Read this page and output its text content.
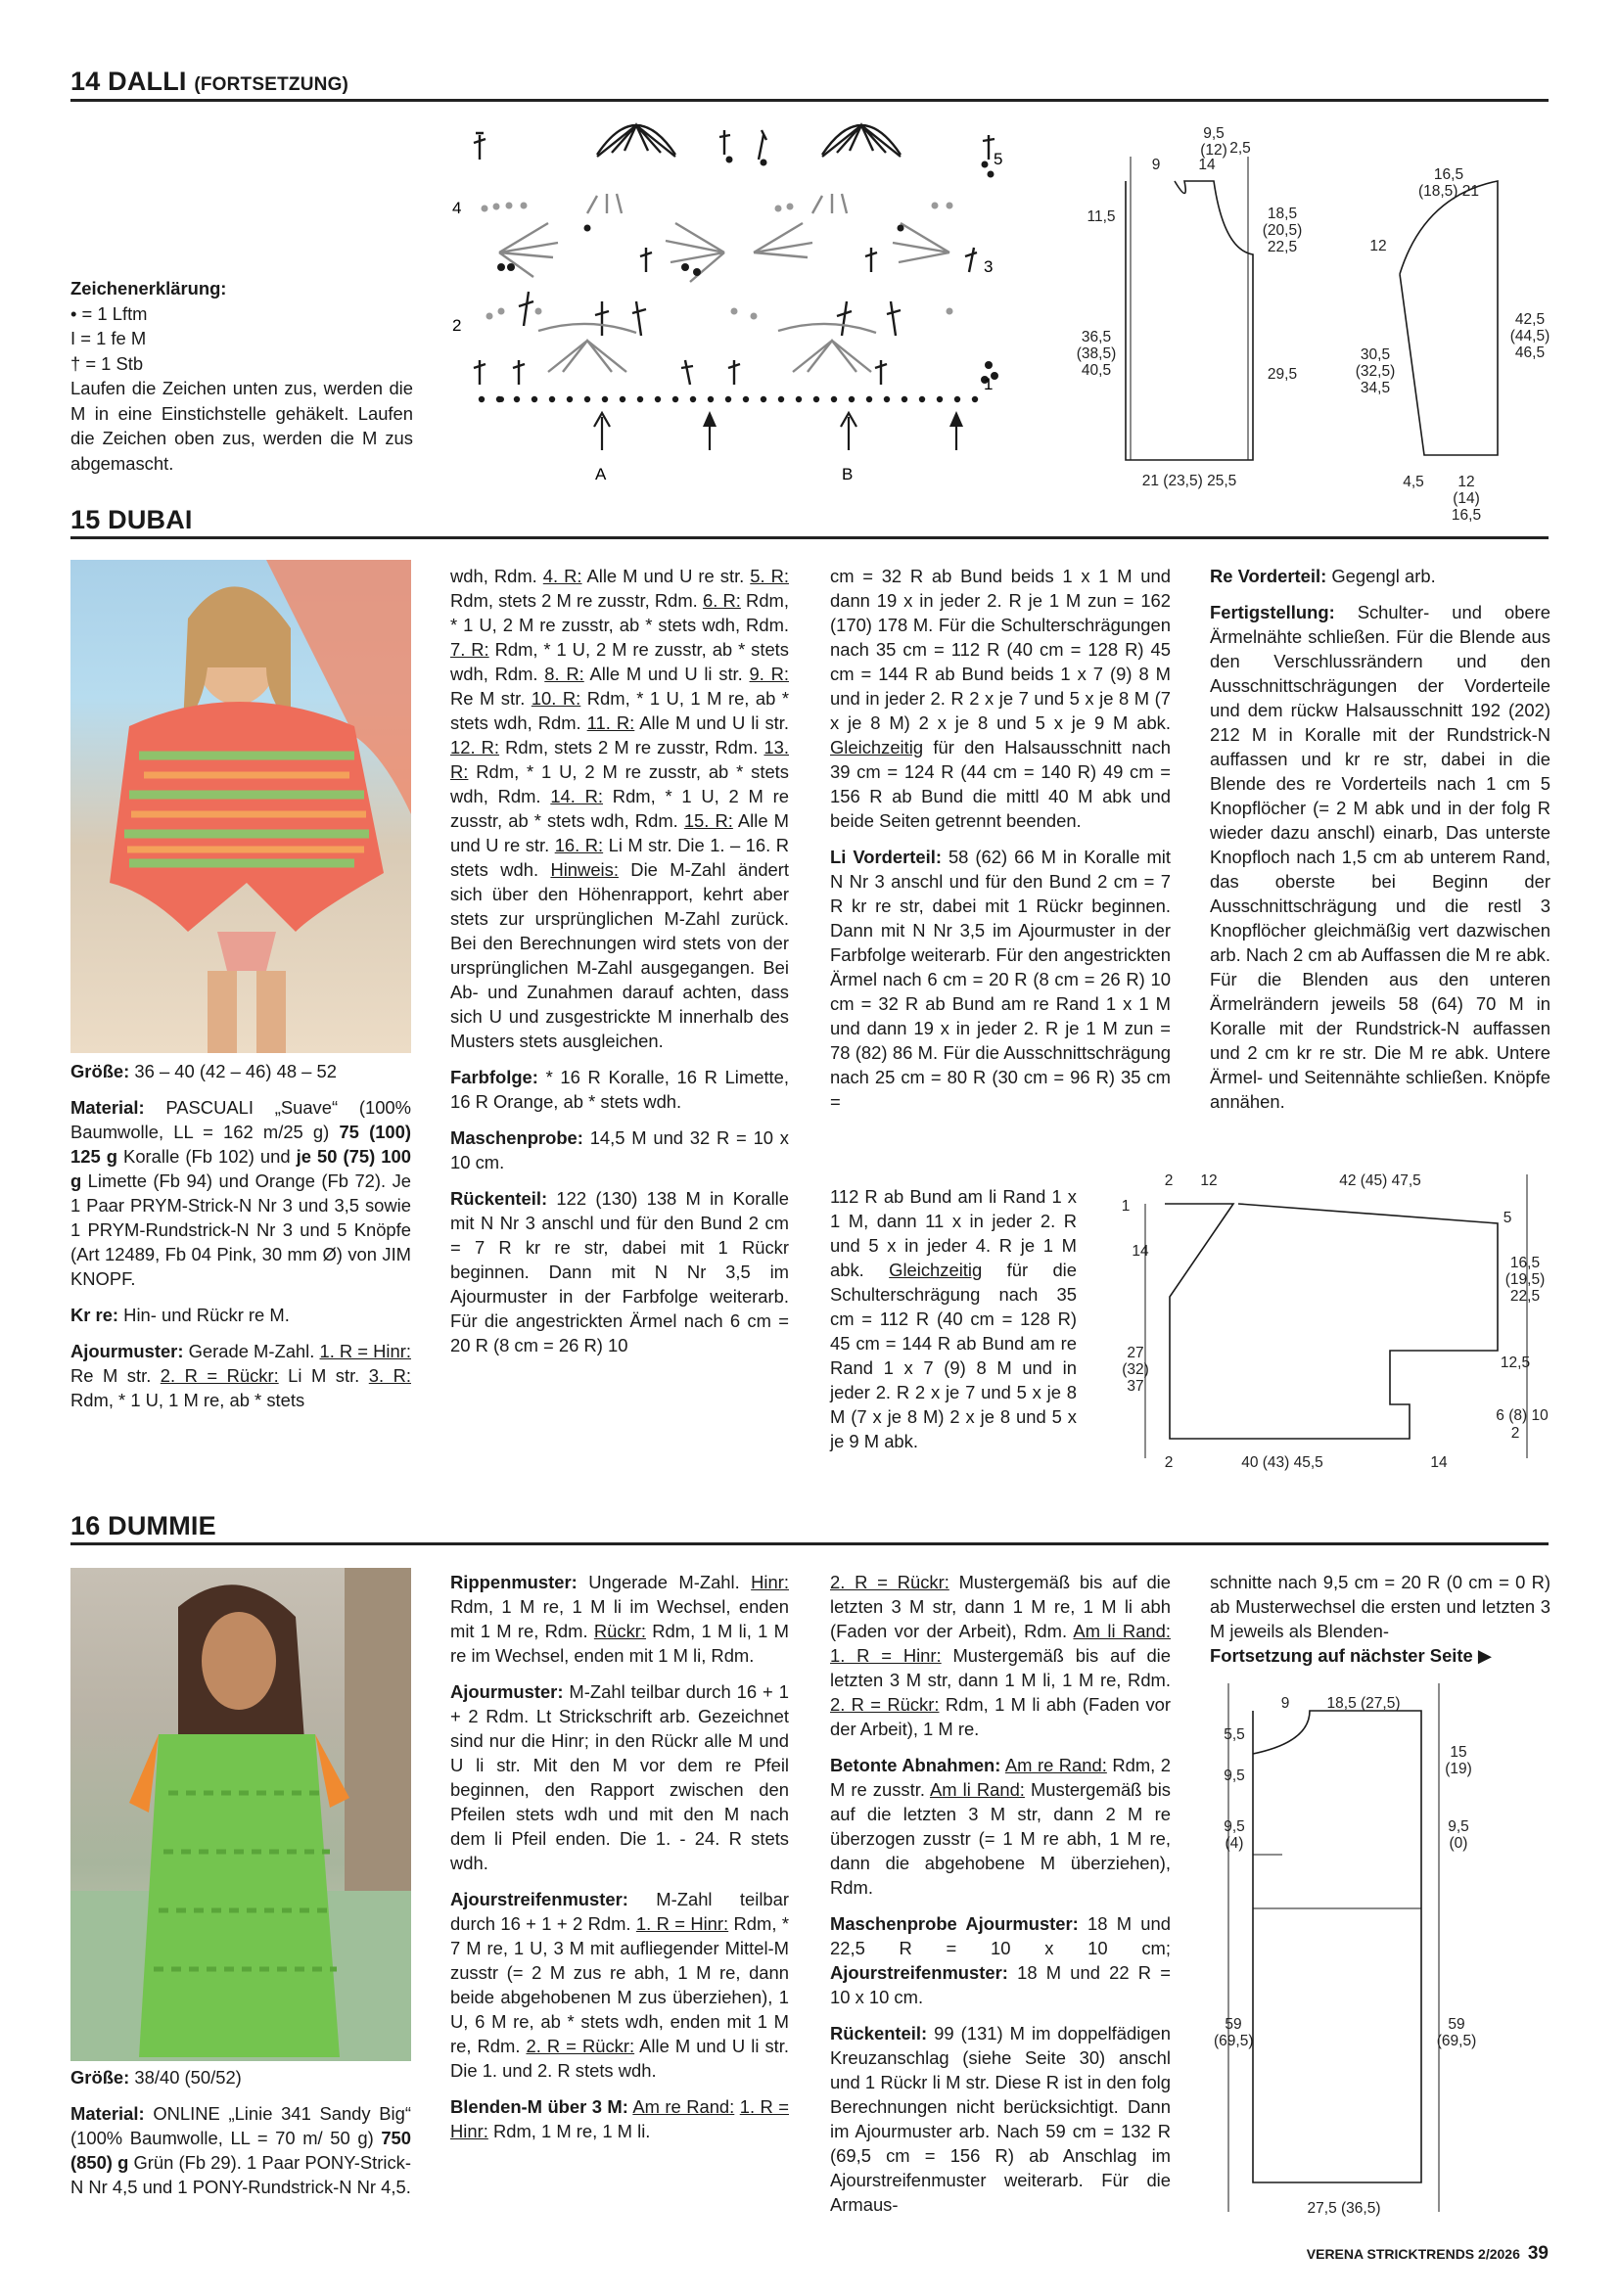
14 DALLI (FORTSETZUNG)
Zeichenerklärung:
• = 1 Lftm
I = 1 fe M
† = 1 Stb
Laufen die Zeichen unten zus, werden die M in eine Einstichstelle gehäkelt. Laufen die Zeichen oben zus, werden die M zus abgemascht.
2
4
1
3
5
A	B
9,5
(12) 2,5
9	14
11,5	18,5
(20,5)
22,5
36,5
(38,5)
40,5	29,5
21 (23,5) 25,5
16,5
(18,5) 21
12
42,5
(44,5)
46,5
30,5
(32,5)
34,5
4,5	12
(14) 16,5
15 DUBAI

Größe: 36 – 40 (42 – 46) 48 – 52

Material: PASCUALI „Suave“ (100% Baumwolle, LL = 162 m/25 g) 75 (100) 125 g Koralle (Fb 102) und je 50 (75) 100 g Limette (Fb 94) und Orange (Fb 72). Je 1 Paar PRYM-Strick-N Nr 3 und 3,5 sowie 1 PRYM-Rundstrick-N Nr 3 und 5 Knöpfe (Art 12489, Fb 04 Pink, 30 mm Ø) von JIM KNOPF.

Kr re: Hin- und Rückr re M.

Ajourmuster: Gerade M-Zahl. 1. R = Hinr: Re M str. 2. R = Rückr: Li M str. 3. R: Rdm, * 1 U, 1 M re, ab * stets

wdh, Rdm. 4. R: Alle M und U re str. 5. R: Rdm, stets 2 M re zusstr, Rdm. 6. R: Rdm, * 1 U, 2 M re zusstr, ab * stets wdh, Rdm. 7. R: Rdm, * 1 U, 2 M re zusstr, ab * stets wdh, Rdm. 8. R: Alle M und U li str. 9. R: Re M str. 10. R: Rdm, * 1 U, 1 M re, ab * stets wdh, Rdm. 11. R: Alle M und U li str. 12. R: Rdm, stets 2 M re zusstr, Rdm. 13. R: Rdm, * 1 U, 2 M re zusstr, ab * stets wdh, Rdm. 14. R: Rdm, * 1 U, 2 M re zusstr, ab * stets wdh, Rdm. 15. R: Alle M und U re str. 16. R: Li M str. Die 1. – 16. R stets wdh. Hinweis: Die M-Zahl ändert sich über den Höhenrapport, kehrt aber stets zur ursprünglichen M-Zahl zurück. Bei den Berechnungen wird stets von der ursprünglichen M-Zahl ausgegangen. Bei Ab- und Zunahmen darauf achten, dass sich U und zusgestrickte M innerhalb des Musters stets ausgleichen.

Farbfolge: * 16 R Koralle, 16 R Limette, 16 R Orange, ab * stets wdh.

Maschenprobe: 14,5 M und 32 R = 10 x 10 cm.

Rückenteil: 122 (130) 138 M in Koralle mit N Nr 3 anschl und für den Bund 2 cm = 7 R kr re str, dabei mit 1 Rückr beginnen. Dann mit N Nr 3,5 im Ajourmuster in der Farbfolge weiterarb. Für die angestrickten Ärmel nach 6 cm = 20 R (8 cm = 26 R) 10

cm = 32 R ab Bund beids 1 x 1 M und dann 19 x in jeder 2. R je 1 M zun = 162 (170) 178 M. Für die Schulterschrägungen nach 35 cm = 112 R (40 cm = 128 R) 45 cm = 144 R ab Bund beids 1 x 7 (9) 8 M und in jeder 2. R 2 x je 7 und 5 x je 8 M (7 x je 8 M) 2 x je 8 und 5 x je 9 M abk. Gleichzeitig für den Halsausschnitt nach 39 cm = 124 R (44 cm = 140 R) 49 cm = 156 R ab Bund die mittl 40 M abk und beide Seiten getrennt beenden.

Li Vorderteil: 58 (62) 66 M in Koralle mit N Nr 3 anschl und für den Bund 2 cm = 7 R kr re str, dabei mit 1 Rückr beginnen. Dann mit N Nr 3,5 im Ajourmuster in der Farbfolge weiterarb. Für den angestrickten Ärmel nach 6 cm = 20 R (8 cm = 26 R) 10 cm = 32 R ab Bund am re Rand 1 x 1 M und dann 19 x in jeder 2. R je 1 M zun = 78 (82) 86 M. Für die Ausschnittschrägung nach 25 cm = 80 R (30 cm = 96 R) 35 cm =

112 R ab Bund am li Rand 1 x 1 M, dann 11 x in jeder 2. R und 5 x in jeder 4. R je 1 M abk. Gleichzeitig für die Schulterschrägung nach 35 cm = 112 R (40 cm = 128 R) 45 cm = 144 R ab Bund am re Rand 1 x 7 (9) 8 M und in jeder 2. R 2 x je 7 und 5 x je 8 M (7 x je 8 M) 2 x je 8 und 5 x je 9 M abk.

Re Vorderteil: Gegengl arb.

Fertigstellung: Schulter- und obere Ärmelnähte schließen. Für die Blende aus den Verschlussrändern und den Ausschnittschrägungen der Vorderteile und dem rückw Halsausschnitt 192 (202) 212 M in Koralle mit der Rundstrick-N auffassen und kr re str, dabei in die Blende des re Vorderteils nach 1 cm 5 Knopflöcher (= 2 M abk und in der folg R wieder dazu anschl) einarb, Das unterste Knopfloch nach 1,5 cm ab unterem Rand, das oberste bei Beginn der Ausschnittschrägung und die restl 3 Knopflöcher gleichmäßig vert dazwischen arb. Nach 2 cm ab Auffassen die M re abk. Für die Blenden aus den unteren Ärmelrändern jeweils 58 (64) 70 M in Koralle mit der Rundstrick-N auffassen und 2 cm kr re str. Die M re abk. Untere Ärmel- und Seitennähte schließen. Knöpfe annähen.

2	12	42 (45) 47,5
1
5
14
16,5
(19,5)
22,5
27
(32)
37
12,5
6 (8) 10
2
2	40 (43) 45,5	14
16 DUMMIE

Größe: 38/40 (50/52)

Material: ONLINE „Linie 341 Sandy Big“ (100% Baumwolle, LL = 70 m/ 50 g) 750 (850) g Grün (Fb 29). 1 Paar PONY-Strick-N Nr 4,5 und 1 PONY-Rundstrick-N Nr 4,5.

Rippenmuster: Ungerade M-Zahl. Hinr: Rdm, 1 M re, 1 M li im Wechsel, enden mit 1 M re, Rdm. Rückr: Rdm, 1 M li, 1 M re im Wechsel, enden mit 1 M li, Rdm.

Ajourmuster: M-Zahl teilbar durch 16 + 1 + 2 Rdm. Lt Strickschrift arb. Gezeichnet sind nur die Hinr; in den Rückr alle M und U li str. Mit den M vor dem re Pfeil beginnen, den Rapport zwischen den Pfeilen stets wdh und mit den M nach dem li Pfeil enden. Die 1. - 24. R stets wdh.

Ajourstreifenmuster: M-Zahl teilbar durch 16 + 1 + 2 Rdm. 1. R = Hinr: Rdm, * 7 M re, 1 U, 3 M mit aufliegender Mittel-M zusstr (= 2 M zus re abh, 1 M re, dann beide abgehobenen M zus überziehen), 1 U, 6 M re, ab * stets wdh, enden mit 1 M re, Rdm. 2. R = Rückr: Alle M und U li str. Die 1. und 2. R stets wdh.

Blenden-M über 3 M: Am re Rand: 1. R = Hinr: Rdm, 1 M re, 1 M li.

2. R = Rückr: Mustergemäß bis auf die letzten 3 M str, dann 1 M re, 1 M li abh (Faden vor der Arbeit), Rdm. Am li Rand: 1. R = Hinr: Mustergemäß bis auf die letzten 3 M str, dann 1 M li, 1 M re, Rdm. 2. R = Rückr: Rdm, 1 M li abh (Faden vor der Arbeit), 1 M re.

Betonte Abnahmen: Am re Rand: Rdm, 2 M re zusstr. Am li Rand: Mustergemäß bis auf die letzten 3 M str, dann 2 M re überzogen zusstr (= 1 M re abh, 1 M re, dann die abgehobene M überziehen), Rdm.

Maschenprobe Ajourmuster: 18 M und 22,5 R = 10 x 10 cm; Ajourstreifenmuster: 18 M und 22 R = 10 x 10 cm.

Rückenteil: 99 (131) M im doppelfädigen Kreuzanschlag (siehe Seite 30) anschl und 1 Rückr li M str. Diese R ist in den folg Berechnungen nicht berücksichtigt. Dann im Ajourmuster arb. Nach 59 cm = 132 R (69,5 cm = 156 R) ab Anschlag im Ajourstreifenmuster weiterarb. Für die Armaus-

schnitte nach 9,5 cm = 20 R (0 cm = 0 R) ab Musterwechsel die ersten und letzten 3 M jeweils als Blenden-

Fortsetzung auf nächster Seite ▶

9	18,5 (27,5)
5,5
15
(19)
9,5
9,5
(4)
9,5
(0)
59
(69,5)
59
(69,5)
27,5 (36,5)
VERENA STRICKTRENDS 2/2026 39
